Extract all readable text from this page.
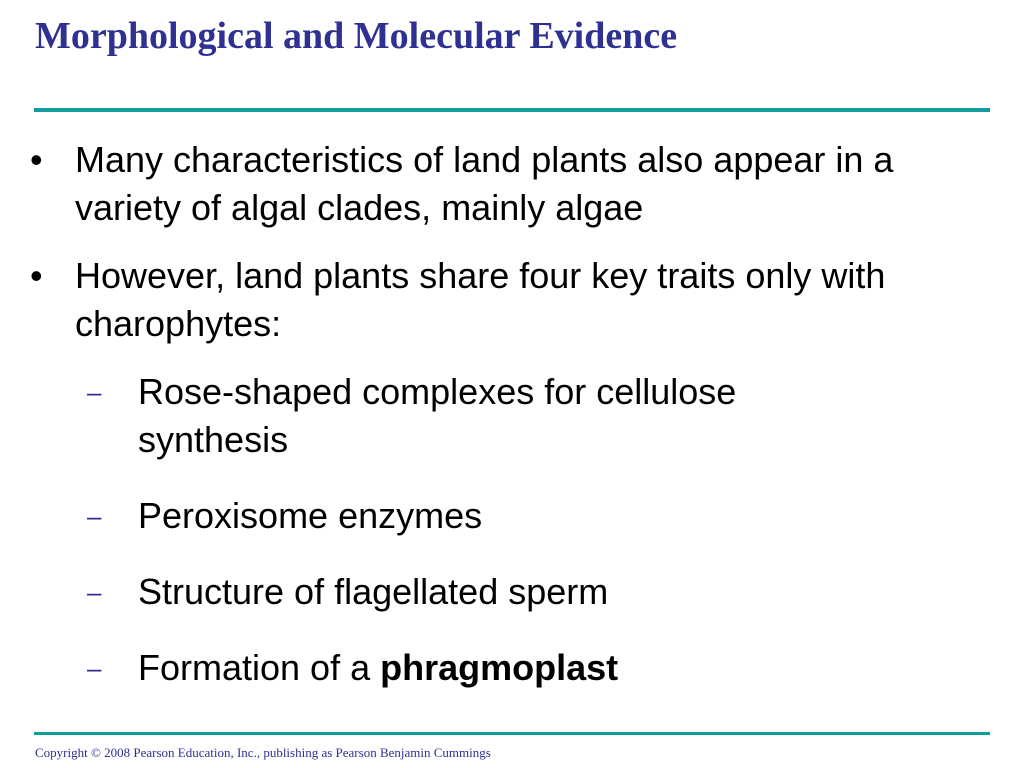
Morphological and Molecular Evidence
• Many characteristics of land plants also appear in a variety of algal clades, mainly algae
• However, land plants share four key traits only with charophytes:
– Rose-shaped complexes for cellulose synthesis
– Peroxisome enzymes
– Structure of flagellated sperm
– Formation of a phragmoplast
Copyright © 2008 Pearson Education, Inc., publishing as Pearson Benjamin Cummings
